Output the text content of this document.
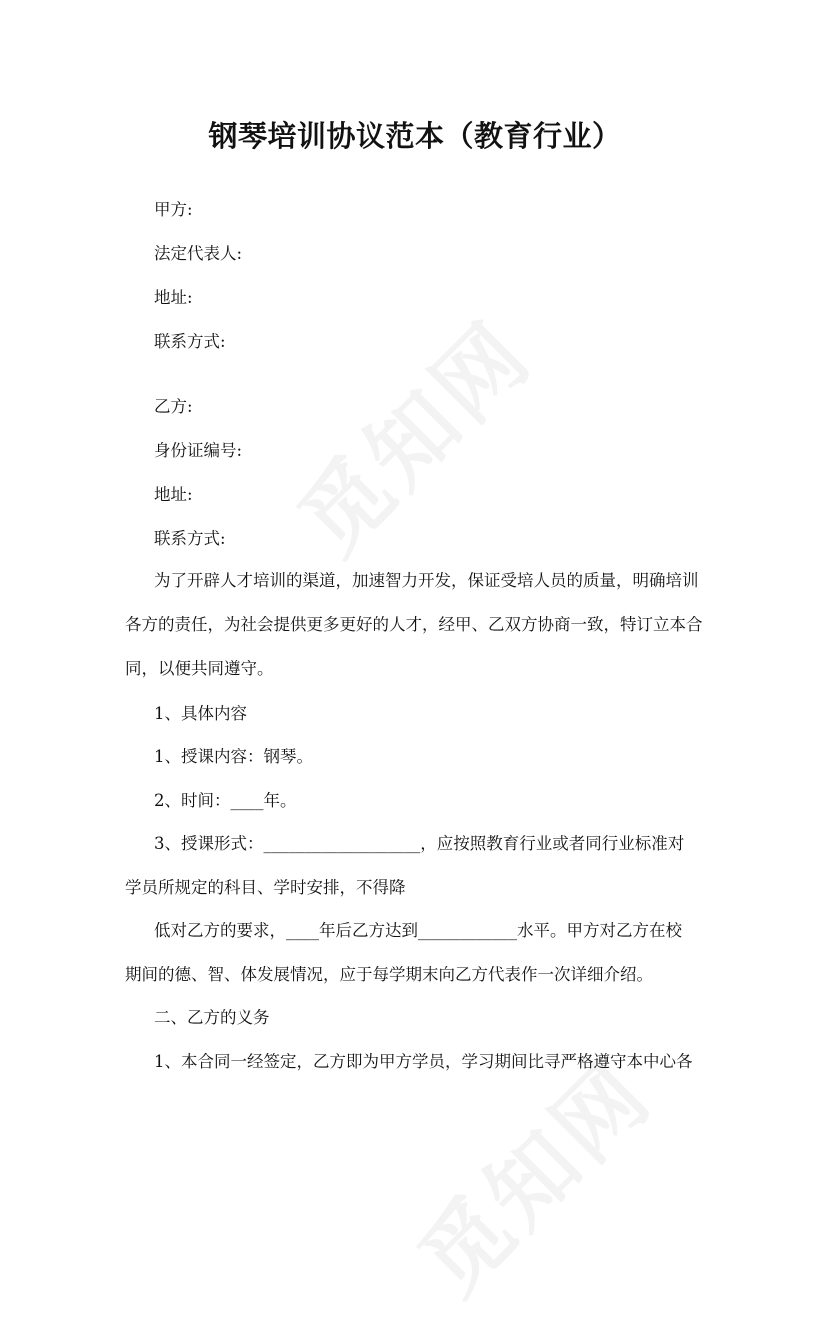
钢琴培训协议范本（教育行业）
甲方:
法定代表人:
地址:
联系方式:
乙方:
身份证编号:
地址:
联系方式:
为了开辟人才培训的渠道，加速智力开发，保证受培人员的质量，明确培训
各方的责任，为社会提供更多更好的人才，经甲、乙双方协商一致，特订立本合
同，以便共同遵守。
1、具体内容
1、授课内容：钢琴。
2、时间：____年。
3、授课形式：___________________，应按照教育行业或者同行业标准对
学员所规定的科目、学时安排，不得降
低对乙方的要求，____年后乙方达到____________水平。甲方对乙方在校
期间的德、智、体发展情况，应于每学期末向乙方代表作一次详细介绍。
二、乙方的义务
1、本合同一经签定，乙方即为甲方学员，学习期间比寻严格遵守本中心各
